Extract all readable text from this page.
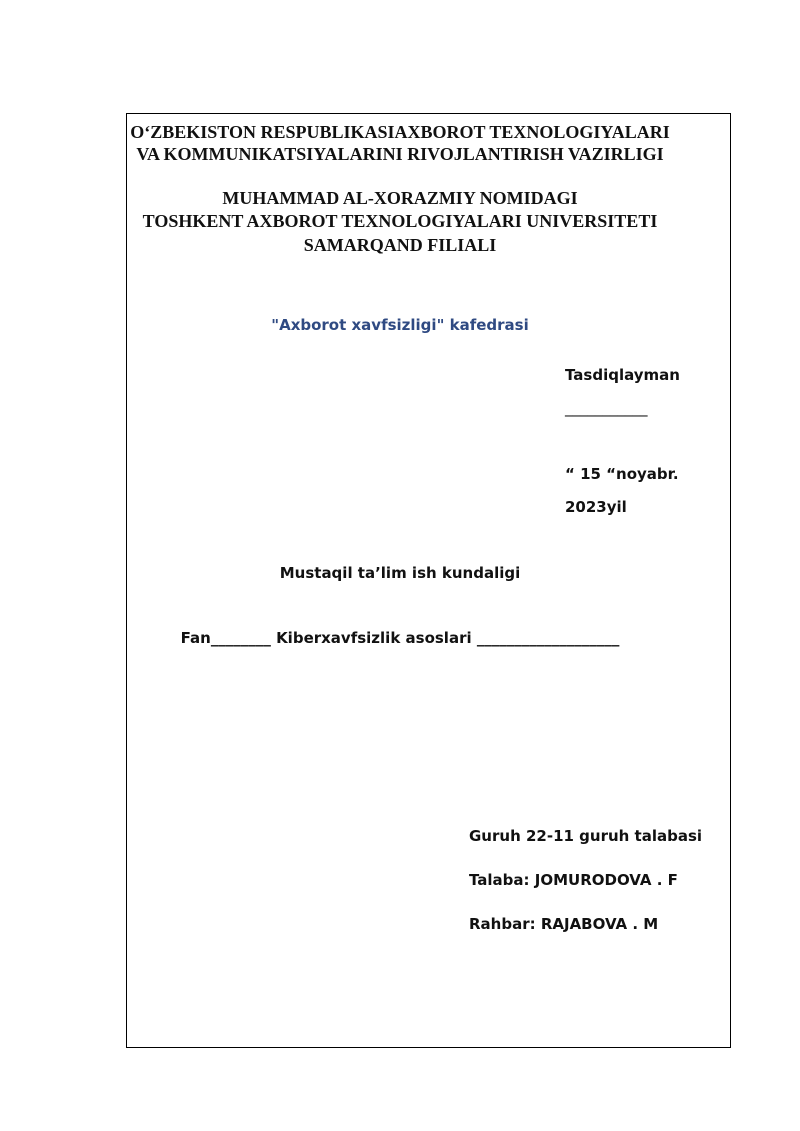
O‘ZBEKISTON RESPUBLIKASIAXBOROT TEXNOLOGIYALARI
VA KOMMUNIKATSIYALARINI RIVOJLANTIRISH VAZIRLIGI
MUHAMMAD AL-XORAZMIY NOMIDAGI
TOSHKENT AXBOROT TEXNOLOGIYALARI UNIVERSITETI
SAMARQAND FILIALI
"Axborot xavfsizligi" kafedrasi
Tasdiqlayman
___________
“ 15 “noyabr.
2023yil
Mustaqil ta’lim ish kundaligi
Fan________ Kiberxavfsizlik asoslari ___________________
Guruh 22-11 guruh talabasi
Talaba: JOMURODOVA . F
Rahbar: RAJABOVA . M
